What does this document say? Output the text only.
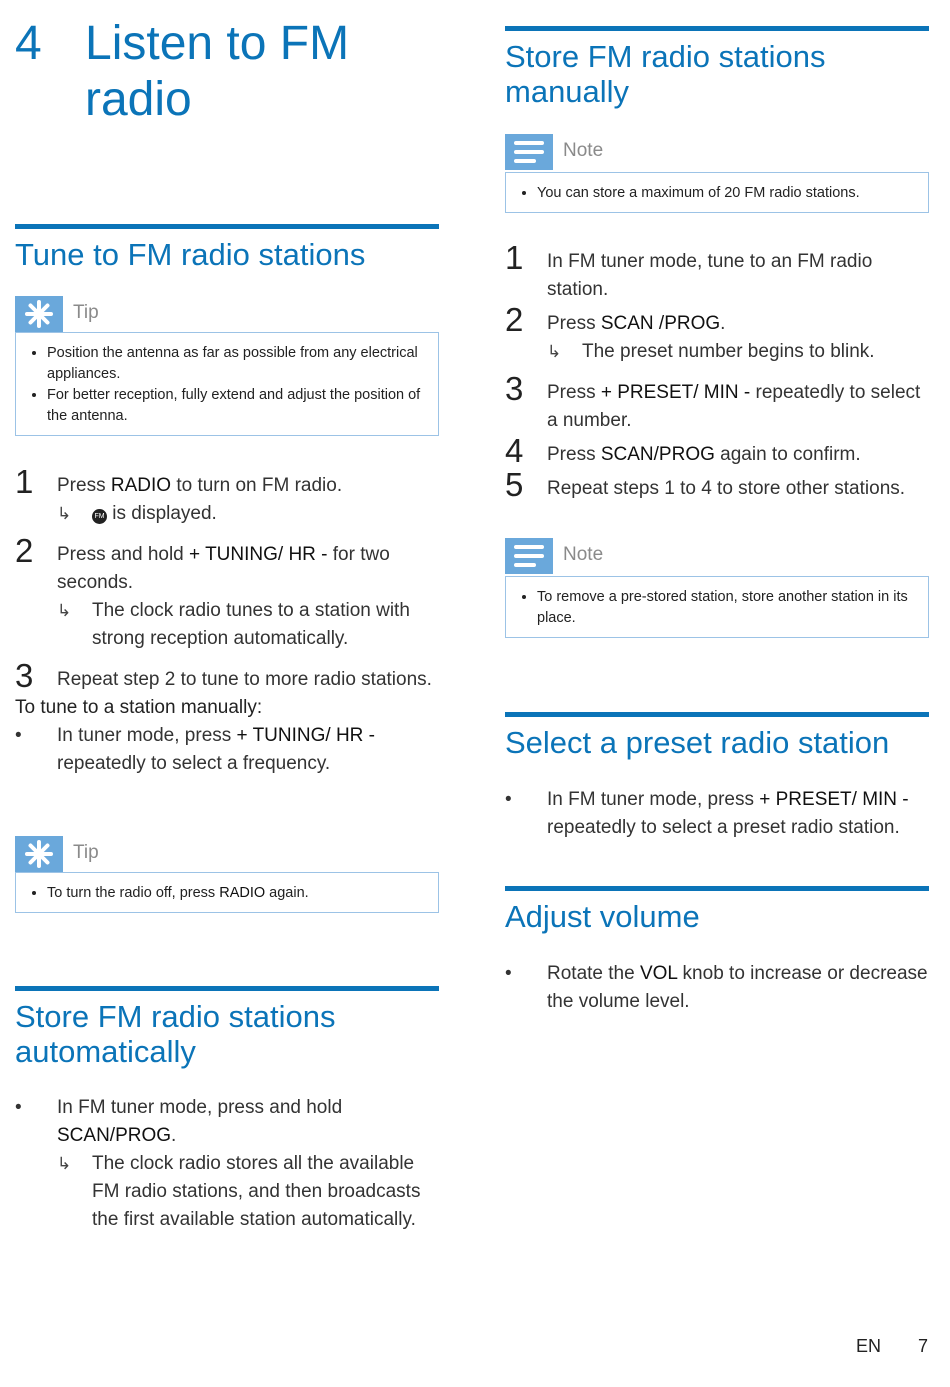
4 Listen to FM radio
Tune to FM radio stations
Tip
• Position the antenna as far as possible from any electrical appliances.
• For better reception, fully extend and adjust the position of the antenna.
1 Press RADIO to turn on FM radio.
↳	FM is displayed.
2 Press and hold + TUNING/ HR - for two seconds.
↳ The clock radio tunes to a station with strong reception automatically.
3 Repeat step 2 to tune to more radio stations.
To tune to a station manually:
• In tuner mode, press + TUNING/ HR - repeatedly to select a frequency.
Tip
• To turn the radio off, press RADIO again.
Store FM radio stations automatically
• In FM tuner mode, press and hold SCAN/PROG.
↳ The clock radio stores all the available FM radio stations, and then broadcasts the first available station automatically.
Store FM radio stations manually
Note
• You can store a maximum of 20 FM radio stations.
1 In FM tuner mode, tune to an FM radio station.
2 Press SCAN /PROG.
↳ The preset number begins to blink.
3 Press + PRESET/ MIN - repeatedly to select a number.
4 Press SCAN/PROG again to confirm.
5 Repeat steps 1 to 4 to store other stations.
Note
• To remove a pre-stored station, store another station in its place.
Select a preset radio station
• In FM tuner mode, press + PRESET/ MIN - repeatedly to select a preset radio station.
Adjust volume
• Rotate the VOL knob to increase or decrease the volume level.
EN 7
